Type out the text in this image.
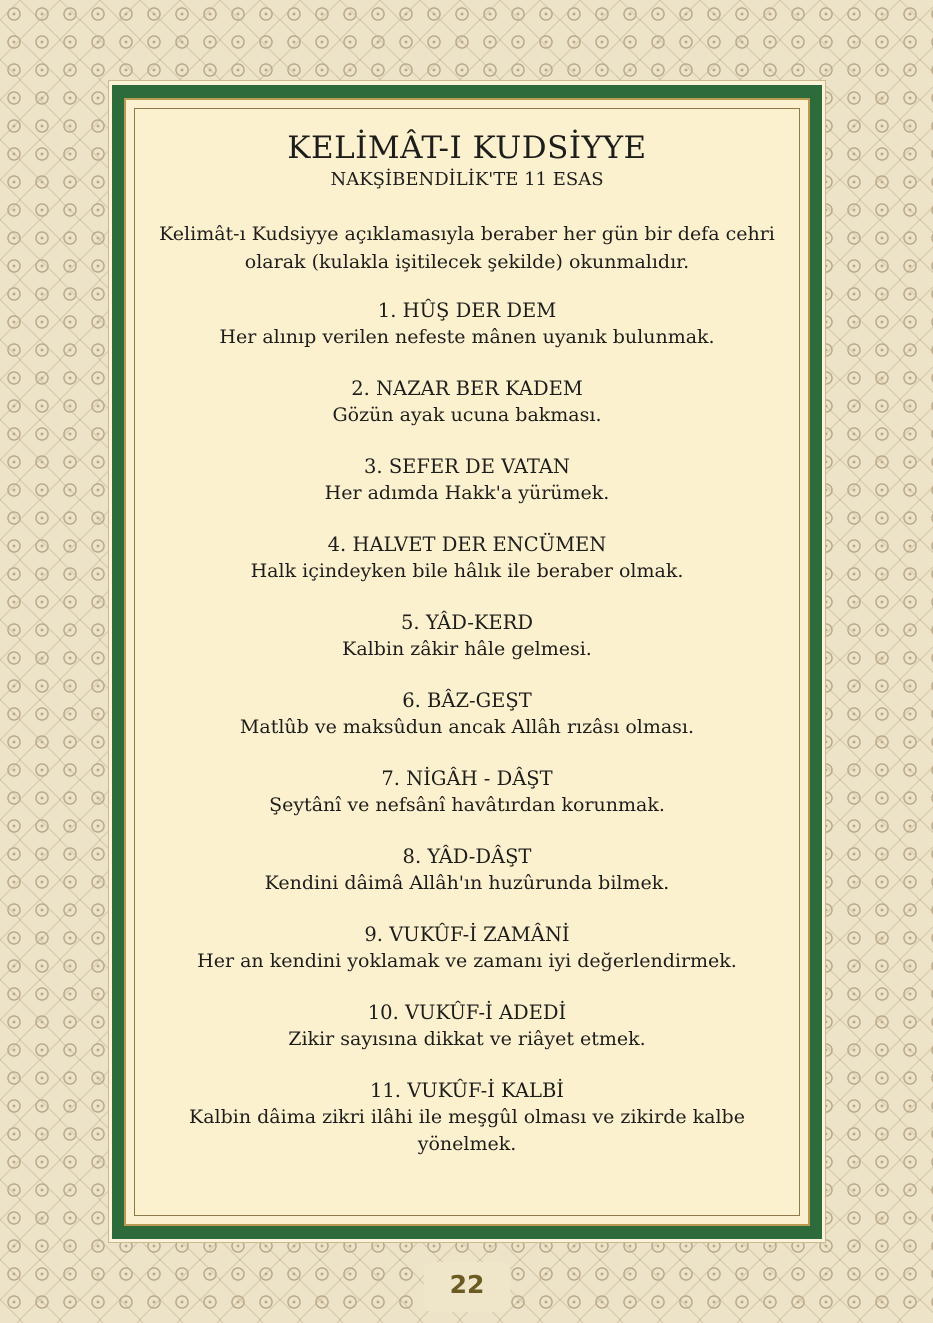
KELİMÂT-I KUDSİYYE
NAKŞİBENDİLİK'TE 11 ESAS
Kelimât-ı Kudsiyye açıklamasıyla beraber her gün bir defa cehri olarak (kulakla işitilecek şekilde) okunmalıdır.
1. HÛŞ DER DEM
Her alınıp verilen nefeste mânen uyanık bulunmak.
2. NAZAR BER KADEM
Gözün ayak ucuna bakması.
3. SEFER DE VATAN
Her adımda Hakk'a yürümek.
4. HALVET DER ENCÜMEN
Halk içindeyken bile hâlık ile beraber olmak.
5. YÂD-KERD
Kalbin zâkir hâle gelmesi.
6. BÂZ-GEŞT
Matlûb ve maksûdun ancak Allâh rızâsı olması.
7. NİGÂH - DÂŞT
Şeytânî ve nefsânî havâtırdan korunmak.
8. YÂD-DÂŞT
Kendini dâimâ Allâh'ın huzûrunda bilmek.
9. VUKÛF-İ ZAMÂNİ
Her an kendini yoklamak ve zamanı iyi değerlendirmek.
10. VUKÛF-İ ADEDİ
Zikir sayısına dikkat ve riâyet etmek.
11. VUKÛF-İ KALBİ
Kalbin dâima zikri ilâhi ile meşgûl olması ve zikirde kalbe yönelmek.
22
